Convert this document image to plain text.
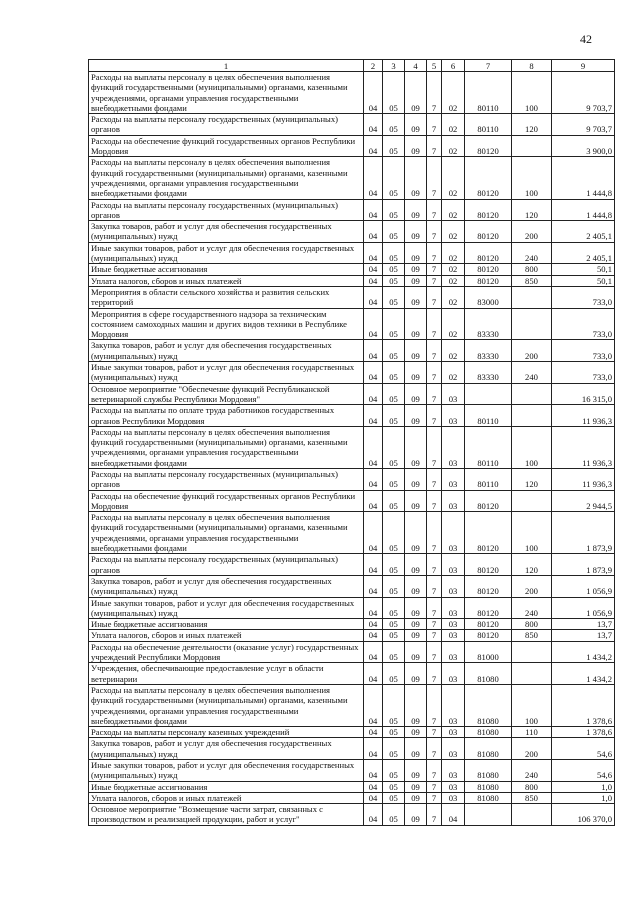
42
1	2	3	4	5	6	7	8	9
Расходы на выплаты персоналу в целях обеспечения выполнения функций государственными (муниципальными) органами, казенными учреждениями, органами управления государственными внебюджетными фондами	04	05	09	7	02	80110	100	9 703,7
Расходы на выплаты персоналу государственных (муниципальных) органов	04	05	09	7	02	80110	120	9 703,7
Расходы на обеспечение функций государственных органов Республики Мордовия	04	05	09	7	02	80120		3 900,0
Расходы на выплаты персоналу в целях обеспечения выполнения функций государственными (муниципальными) органами, казенными учреждениями, органами управления государственными внебюджетными фондами	04	05	09	7	02	80120	100	1 444,8
Расходы на выплаты персоналу государственных (муниципальных) органов	04	05	09	7	02	80120	120	1 444,8
Закупка товаров, работ и услуг для обеспечения государственных (муниципальных) нужд	04	05	09	7	02	80120	200	2 405,1
Иные закупки товаров, работ и услуг для обеспечения государственных (муниципальных) нужд	04	05	09	7	02	80120	240	2 405,1
Иные бюджетные ассигнования	04	05	09	7	02	80120	800	50,1
Уплата налогов, сборов и иных платежей	04	05	09	7	02	80120	850	50,1
Мероприятия в области сельского хозяйства и развития сельских территорий	04	05	09	7	02	83000		733,0
Мероприятия в сфере государственного надзора за техническим состоянием самоходных машин и других видов техники в Республике Мордовия	04	05	09	7	02	83330		733,0
Закупка товаров, работ и услуг для обеспечения государственных (муниципальных) нужд	04	05	09	7	02	83330	200	733,0
Иные закупки товаров, работ и услуг для обеспечения государственных (муниципальных) нужд	04	05	09	7	02	83330	240	733,0
Основное мероприятие "Обеспечение функций Республиканской ветеринарной службы Республики Мордовия"	04	05	09	7	03			16 315,0
Расходы на выплаты по оплате труда работников государственных органов Республики Мордовия	04	05	09	7	03	80110		11 936,3
Расходы на выплаты персоналу в целях обеспечения выполнения функций государственными (муниципальными) органами, казенными учреждениями, органами управления государственными внебюджетными фондами	04	05	09	7	03	80110	100	11 936,3
Расходы на выплаты персоналу государственных (муниципальных) органов	04	05	09	7	03	80110	120	11 936,3
Расходы на обеспечение функций государственных органов Республики Мордовия	04	05	09	7	03	80120		2 944,5
Расходы на выплаты персоналу в целях обеспечения выполнения функций государственными (муниципальными) органами, казенными учреждениями, органами управления государственными внебюджетными фондами	04	05	09	7	03	80120	100	1 873,9
Расходы на выплаты персоналу государственных (муниципальных) органов	04	05	09	7	03	80120	120	1 873,9
Закупка товаров, работ и услуг для обеспечения государственных (муниципальных) нужд	04	05	09	7	03	80120	200	1 056,9
Иные закупки товаров, работ и услуг для обеспечения государственных (муниципальных) нужд	04	05	09	7	03	80120	240	1 056,9
Иные бюджетные ассигнования	04	05	09	7	03	80120	800	13,7
Уплата налогов, сборов и иных платежей	04	05	09	7	03	80120	850	13,7
Расходы на обеспечение деятельности (оказание услуг) государственных учреждений Республики Мордовия	04	05	09	7	03	81000		1 434,2
Учреждения, обеспечивающие предоставление услуг в области ветеринарии	04	05	09	7	03	81080		1 434,2
Расходы на выплаты персоналу в целях обеспечения выполнения функций государственными (муниципальными) органами, казенными учреждениями, органами управления государственными внебюджетными фондами	04	05	09	7	03	81080	100	1 378,6
Расходы на выплаты персоналу казенных учреждений	04	05	09	7	03	81080	110	1 378,6
Закупка товаров, работ и услуг для обеспечения государственных (муниципальных) нужд	04	05	09	7	03	81080	200	54,6
Иные закупки товаров, работ и услуг для обеспечения государственных (муниципальных) нужд	04	05	09	7	03	81080	240	54,6
Иные бюджетные ассигнования	04	05	09	7	03	81080	800	1,0
Уплата налогов, сборов и иных платежей	04	05	09	7	03	81080	850	1,0
Основное мероприятие "Возмещение части затрат, связанных с производством и реализацией продукции, работ и услуг"	04	05	09	7	04			106 370,0
